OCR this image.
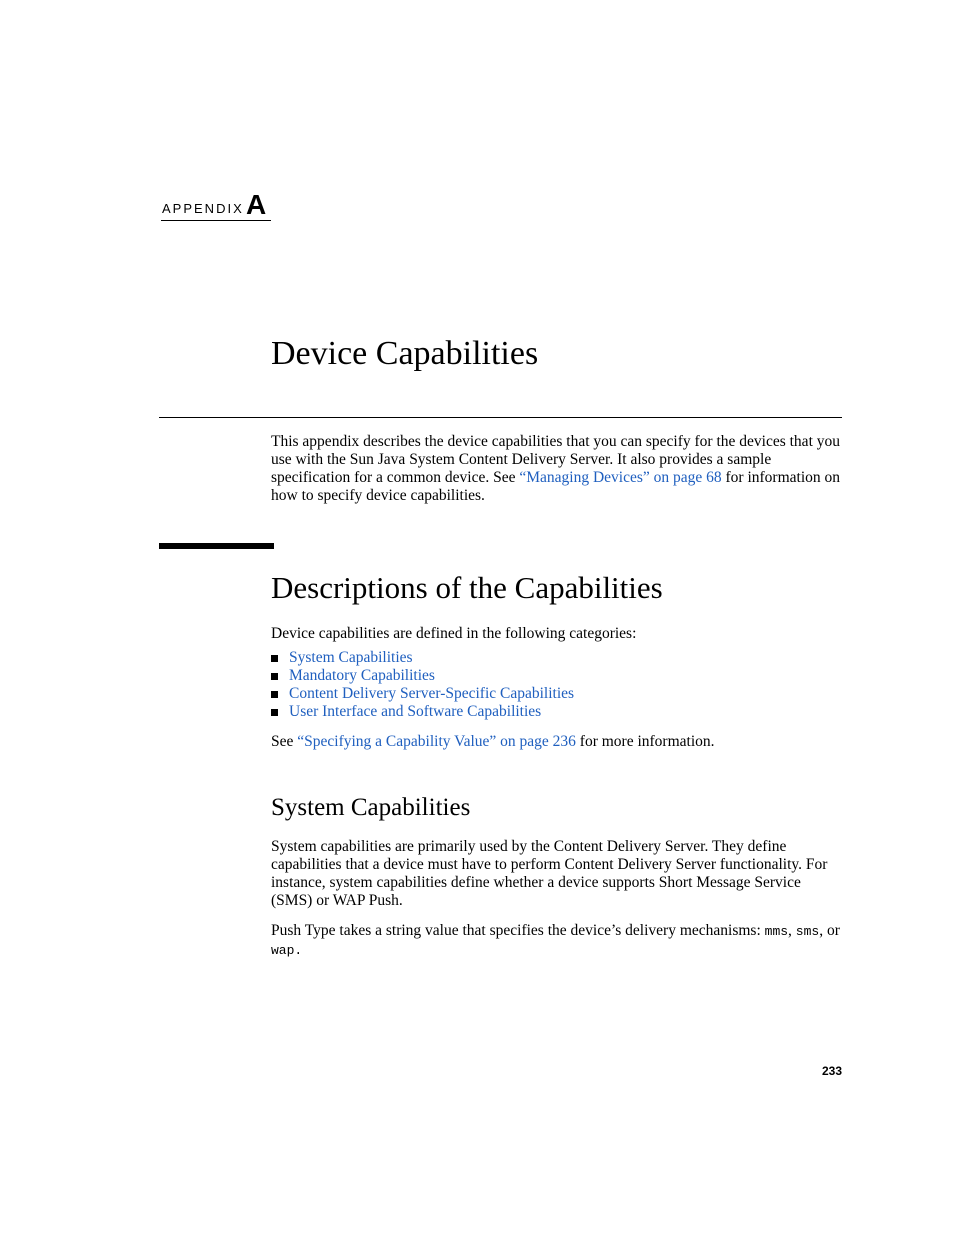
APPENDIX A
Device Capabilities

This appendix describes the device capabilities that you can specify for the devices that you use with the Sun Java System Content Delivery Server. It also provides a sample specification for a common device. See “Managing Devices” on page 68 for information on how to specify device capabilities.

Descriptions of the Capabilities

Device capabilities are defined in the following categories:

System Capabilities
Mandatory Capabilities
Content Delivery Server-Specific Capabilities
User Interface and Software Capabilities

See “Specifying a Capability Value” on page 236 for more information.

System Capabilities

System capabilities are primarily used by the Content Delivery Server. They define capabilities that a device must have to perform Content Delivery Server functionality. For instance, system capabilities define whether a device supports Short Message Service (SMS) or WAP Push.

Push Type takes a string value that specifies the device’s delivery mechanisms: mms, sms, or wap.

233
